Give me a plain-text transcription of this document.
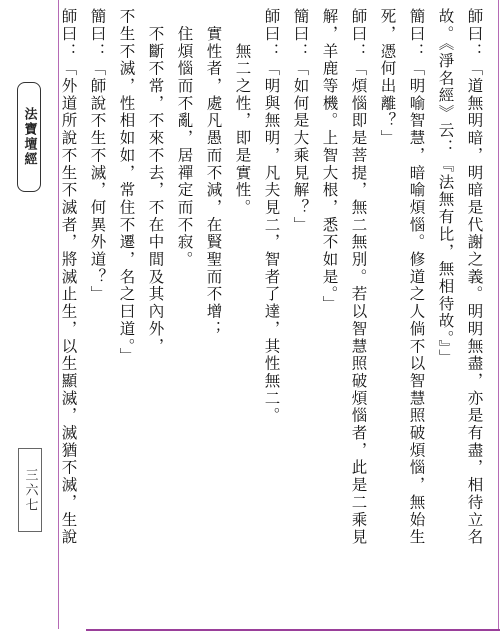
法寶壇經
三六七	師曰：「道無明暗，明暗是代謝之義。明明無盡，亦是有盡，相待立名
故。《淨名經》云：『法無有比，無相待故。』」
簡曰：「明喻智慧，暗喻煩惱。修道之人倘不以智慧照破煩惱，無始生
死，憑何出離？」
師曰：「煩惱即是菩提，無二無別。若以智慧照破煩惱者，此是二乘見
解，羊鹿等機。上智大根，悉不如是。」
簡曰：「如何是大乘見解？」
師曰：「明與無明，凡夫見二，智者了達，其性無二。
　　無二之性，即是實性。
　實性者，處凡愚而不減，在賢聖而不增；
　住煩惱而不亂，居禪定而不寂。
　不斷不常，不來不去，不在中間及其內外，
不生不滅，性相如如，常住不遷，名之曰道。」
簡曰：「師說不生不滅，何異外道？」
師曰：「外道所說不生不滅者，將滅止生，以生顯滅，滅猶不滅，生說
